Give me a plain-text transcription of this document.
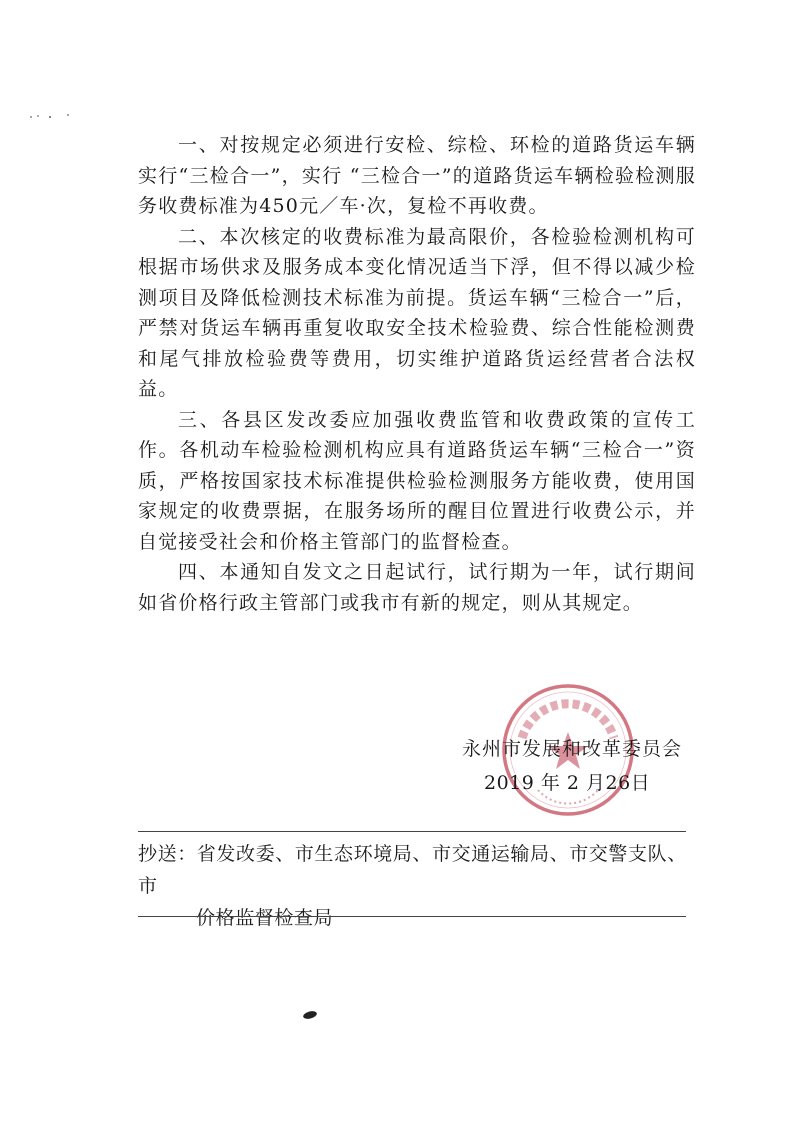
一、对按规定必须进行安检、综检、环检的道路货运车辆实行“三检合一”，实行 “三检合一”的道路货运车辆检验检测服务收费标准为450元／车·次，复检不再收费。

二、本次核定的收费标准为最高限价，各检验检测机构可根据市场供求及服务成本变化情况适当下浮，但不得以减少检测项目及降低检测技术标准为前提。货运车辆“三检合一”后，严禁对货运车辆再重复收取安全技术检验费、综合性能检测费和尾气排放检验费等费用，切实维护道路货运经营者合法权益。

三、各县区发改委应加强收费监管和收费政策的宣传工作。各机动车检验检测机构应具有道路货运车辆“三检合一”资质，严格按国家技术标准提供检验检测服务方能收费，使用国家规定的收费票据，在服务场所的醒目位置进行收费公示，并自觉接受社会和价格主管部门的监督检查。

四、本通知自发文之日起试行，试行期为一年，试行期间如省价格行政主管部门或我市有新的规定，则从其规定。

永州市发展和改革委员会
2019 年 2 月26日
抄送：省发改委、市生态环境局、市交通运输局、市交警支队、市
价格监督检查局
